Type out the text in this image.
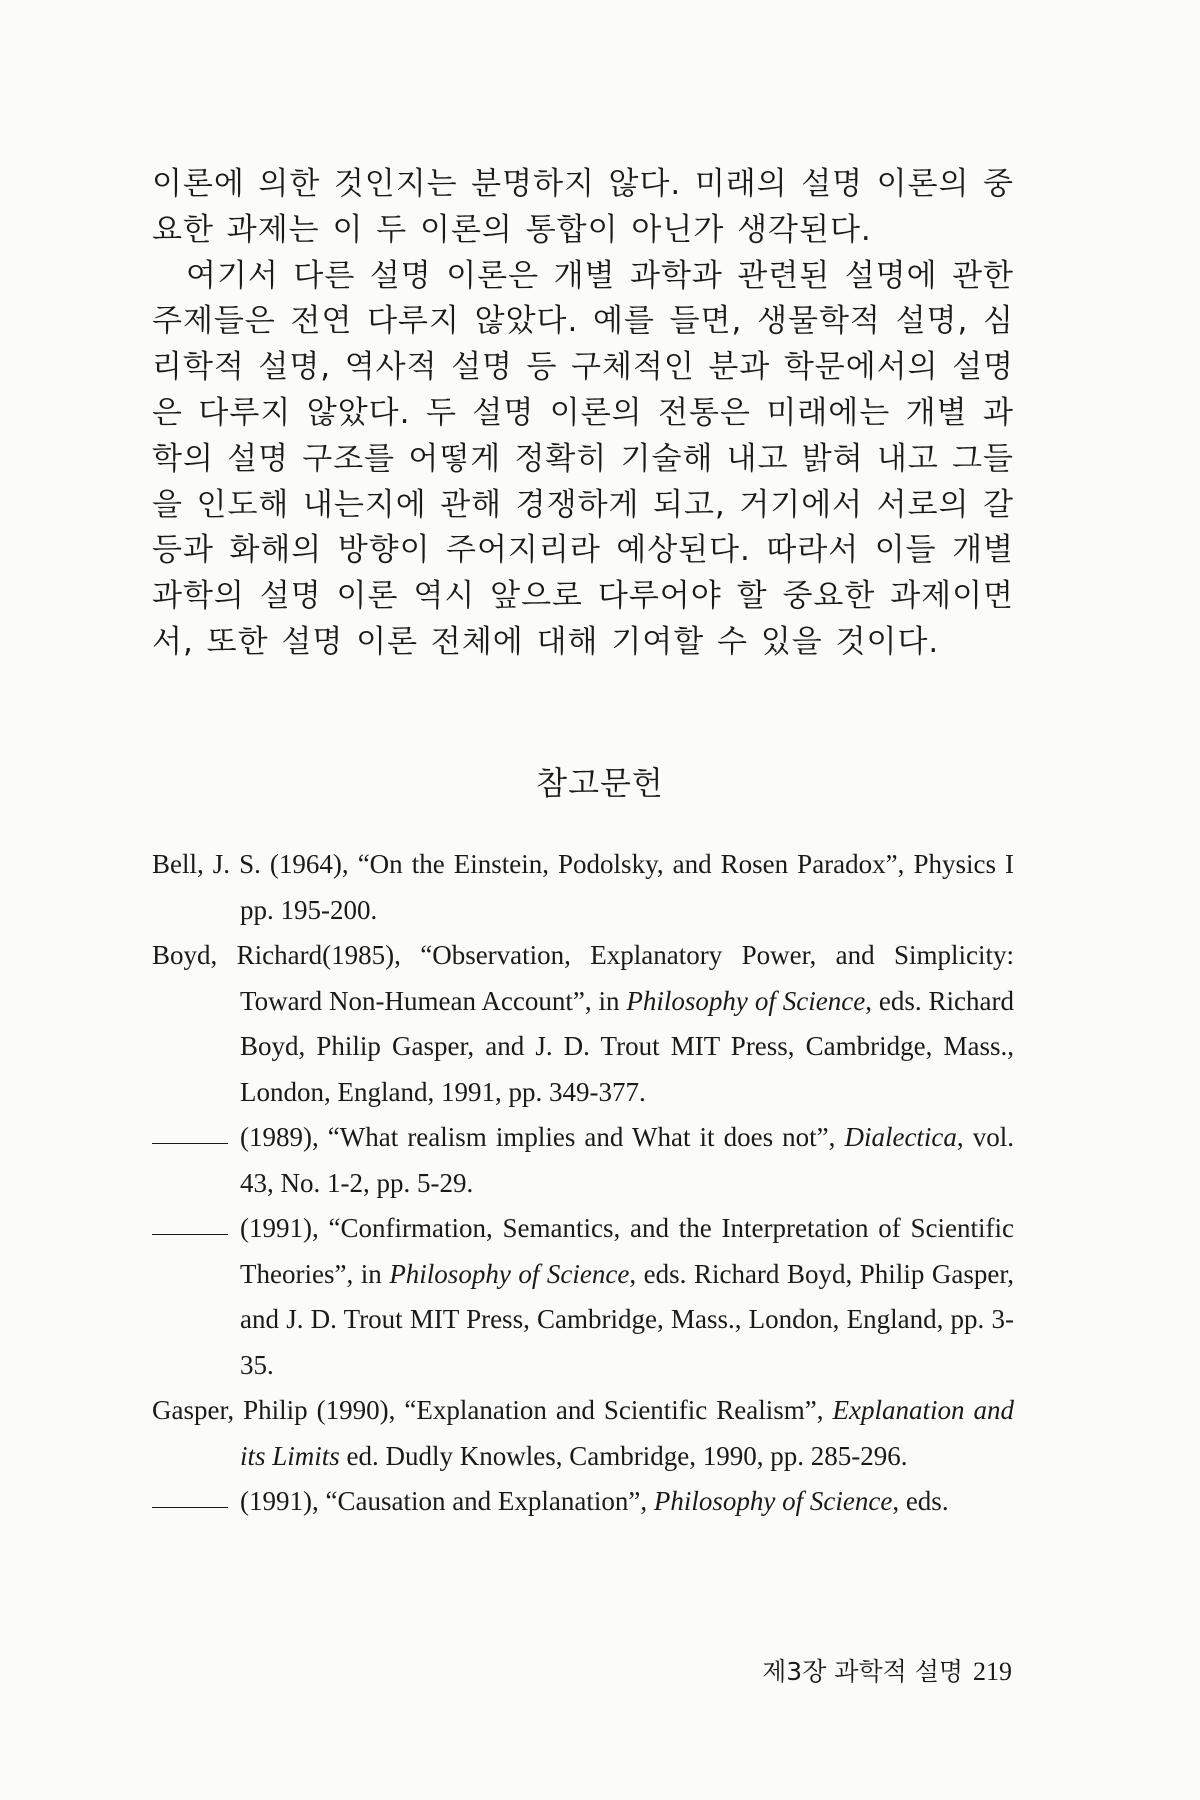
이론에 의한 것인지는 분명하지 않다. 미래의 설명 이론의 중요한 과제는 이 두 이론의 통합이 아닌가 생각된다.

여기서 다른 설명 이론은 개별 과학과 관련된 설명에 관한 주제들은 전연 다루지 않았다. 예를 들면, 생물학적 설명, 심리학적 설명, 역사적 설명 등 구체적인 분과 학문에서의 설명은 다루지 않았다. 두 설명 이론의 전통은 미래에는 개별 과학의 설명 구조를 어떻게 정확히 기술해 내고 밝혀 내고 그들을 인도해 내는지에 관해 경쟁하게 되고, 거기에서 서로의 갈등과 화해의 방향이 주어지리라 예상된다. 따라서 이들 개별 과학의 설명 이론 역시 앞으로 다루어야 할 중요한 과제이면서, 또한 설명 이론 전체에 대해 기여할 수 있을 것이다.

참고문헌

Bell, J. S. (1964), “On the Einstein, Podolsky, and Rosen Paradox”, Physics I pp. 195-200.

Boyd, Richard(1985), “Observation, Explanatory Power, and Simplicity: Toward Non-Humean Account”, in Philosophy of Science, eds. Richard Boyd, Philip Gasper, and J. D. Trout MIT Press, Cambridge, Mass., London, England, 1991, pp. 349-377.

(1989), “What realism implies and What it does not”, Dialectica, vol. 43, No. 1-2, pp. 5-29.

(1991), “Confirmation, Semantics, and the Interpretation of Scientific Theories”, in Philosophy of Science, eds. Richard Boyd, Philip Gasper, and J. D. Trout MIT Press, Cambridge, Mass., London, England, pp. 3-35.

Gasper, Philip (1990), “Explanation and Scientific Realism”, Explanation and its Limits ed. Dudly Knowles, Cambridge, 1990, pp. 285-296.

(1991), “Causation and Explanation”, Philosophy of Science, eds.

제3장 과학적 설명 219
